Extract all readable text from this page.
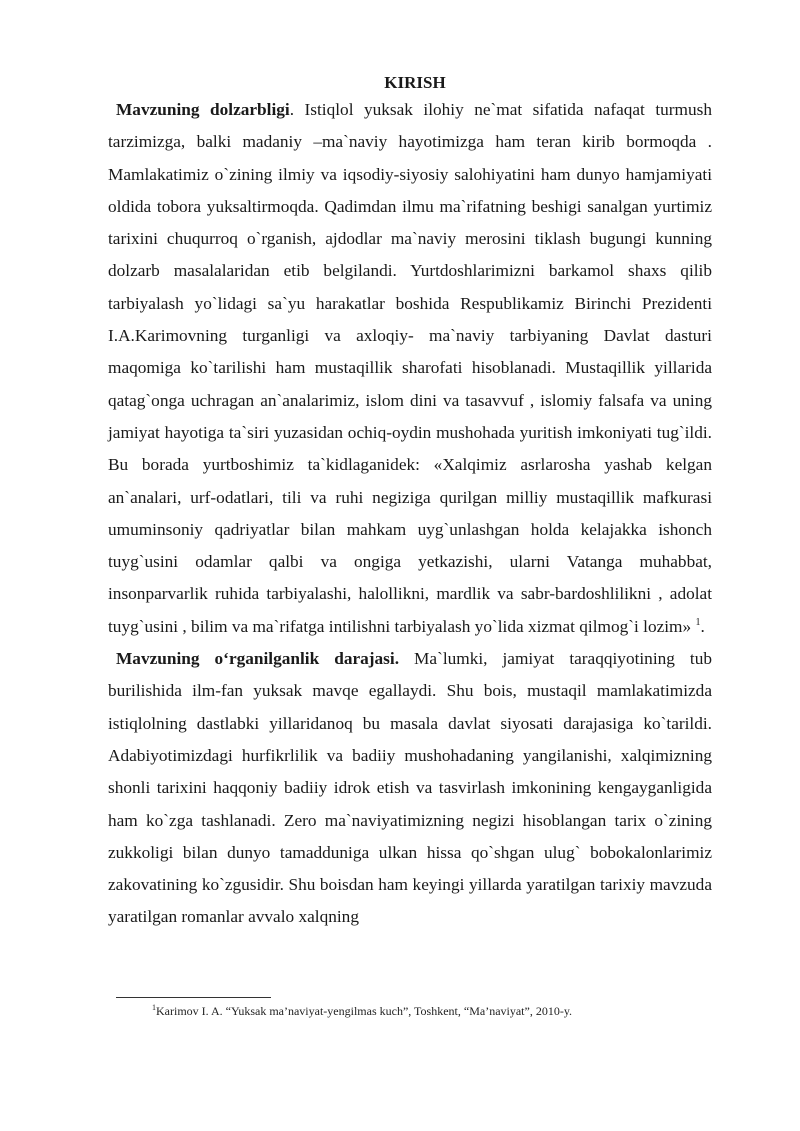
KIRISH

Mavzuning dolzarbligi. Istiqlol yuksak ilohiy ne`mat sifatida nafaqat turmush tarzimizga, balki madaniy –ma`naviy hayotimizga ham teran kirib bormoqda . Mamlakatimiz o`zining ilmiy va iqsodiy-siyosiy salohiyatini ham dunyo hamjamiyati oldida tobora yuksaltirmoqda. Qadimdan ilmu ma`rifatning beshigi sanalgan yurtimiz tarixini chuqurroq o`rganish, ajdodlar ma`naviy merosini tiklash bugungi kunning dolzarb masalalaridan etib belgilandi. Yurtdoshlarimizni barkamol shaxs qilib tarbiyalash yo`lidagi sa`yu harakatlar boshida Respublikamiz Birinchi Prezidenti I.A.Karimovning turganligi va axloqiy- ma`naviy tarbiyaning Davlat dasturi maqomiga ko`tarilishi ham mustaqillik sharofati hisoblanadi. Mustaqillik yillarida qatag`onga uchragan an`analarimiz, islom dini va tasavvuf , islomiy falsafa va uning jamiyat hayotiga ta`siri yuzasidan ochiq-oydin mushohada yuritish imkoniyati tug`ildi. Bu borada yurtboshimiz ta`kidlaganidek: «Xalqimiz asrlarosha yashab kelgan an`analari, urf-odatlari, tili va ruhi negiziga qurilgan milliy mustaqillik mafkurasi umuminsoniy qadriyatlar bilan mahkam uyg`unlashgan holda kelajakka ishonch tuyg`usini odamlar qalbi va ongiga yetkazishi, ularni Vatanga muhabbat, insonparvarlik ruhida tarbiyalashi, halollikni, mardlik va sabr-bardoshlilikni , adolat tuyg`usini , bilim va ma`rifatga intilishni tarbiyalash yo`lida xizmat qilmog`i lozim» $^1$.

Mavzuning o‘rganilganlik darajasi. Ma`lumki, jamiyat taraqqiyotining tub burilishida ilm-fan yuksak mavqe egallaydi. Shu bois, mustaqil mamlakatimizda istiqlolning dastlabki yillaridanoq bu masala davlat siyosati darajasiga ko`tarildi. Adabiyotimizdagi hurfikrlilik va badiiy mushohadaning yangilanishi, xalqimizning shonli tarixini haqqoniy badiiy idrok etish va tasvirlash imkonining kengayganligida ham ko`zga tashlanadi. Zero ma`naviyatimizning negizi hisoblangan tarix o`zining zukkoligi bilan dunyo tamadduniga ulkan hissa qo`shgan ulug` bobokalonlarimiz zakovatining ko`zgusidir. Shu boisdan ham keyingi yillarda yaratilgan tarixiy mavzuda yaratilgan romanlar avvalo xalqning

$^1$Karimov I. A. “Yuksak ma’naviyat-yengilmas kuch”, Toshkent, “Ma’naviyat”, 2010-y.
